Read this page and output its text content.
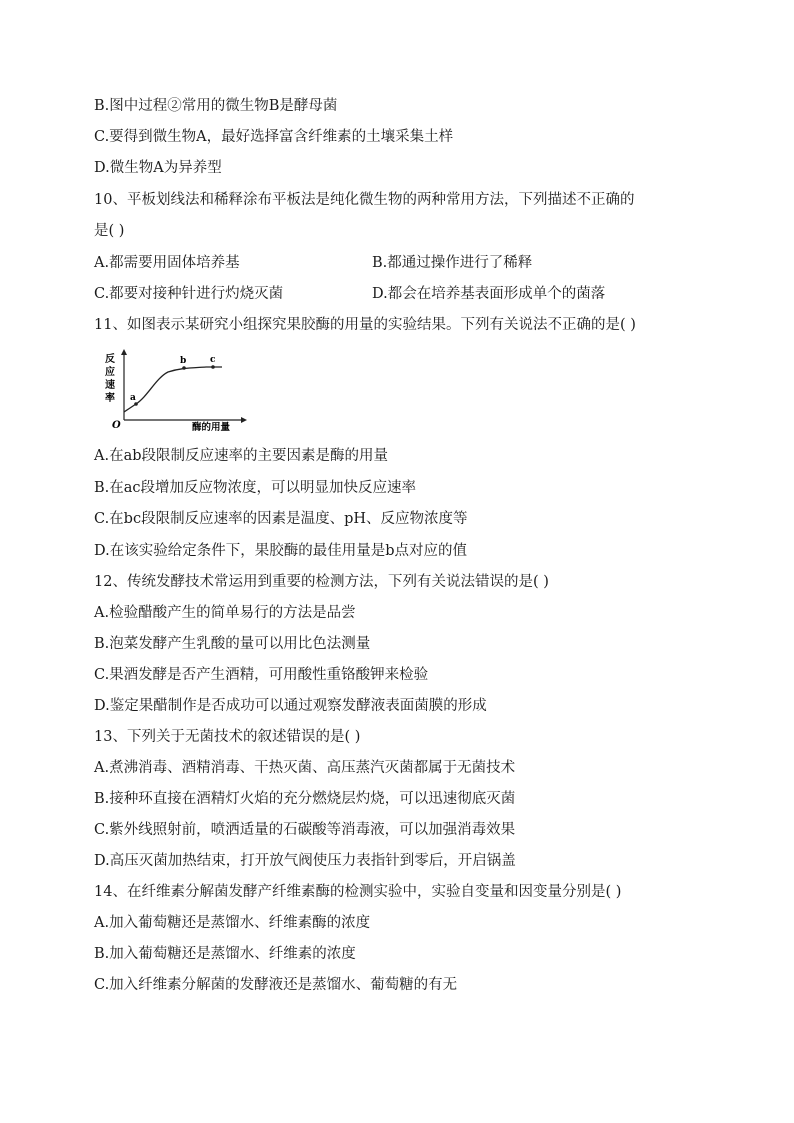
B.图中过程②常用的微生物B是酵母菌
C.要得到微生物A，最好选择富含纤维素的土壤采集土样
D.微生物A为异养型
10、平板划线法和稀释涂布平板法是纯化微生物的两种常用方法，下列描述不正确的
是( )
A.都需要用固体培养基	B.都通过操作进行了稀释
C.都要对接种针进行灼烧灭菌	D.都会在培养基表面形成单个的菌落
11、如图表示某研究小组探究果胶酶的用量的实验结果。下列有关说法不正确的是( )
反
应
速
率
O	酶的用量
a
b	c
A.在ab段限制反应速率的主要因素是酶的用量
B.在ac段增加反应物浓度，可以明显加快反应速率
C.在bc段限制反应速率的因素是温度、pH、反应物浓度等
D.在该实验给定条件下，果胶酶的最佳用量是b点对应的值
12、传统发酵技术常运用到重要的检测方法，下列有关说法错误的是( )
A.检验醋酸产生的简单易行的方法是品尝
B.泡菜发酵产生乳酸的量可以用比色法测量
C.果酒发酵是否产生酒精，可用酸性重铬酸钾来检验
D.鉴定果醋制作是否成功可以通过观察发酵液表面菌膜的形成
13、下列关于无菌技术的叙述错误的是( )
A.煮沸消毒、酒精消毒、干热灭菌、高压蒸汽灭菌都属于无菌技术
B.接种环直接在酒精灯火焰的充分燃烧层灼烧，可以迅速彻底灭菌
C.紫外线照射前，喷洒适量的石碳酸等消毒液，可以加强消毒效果
D.高压灭菌加热结束，打开放气阀使压力表指针到零后，开启锅盖
14、在纤维素分解菌发酵产纤维素酶的检测实验中，实验自变量和因变量分别是( )
A.加入葡萄糖还是蒸馏水、纤维素酶的浓度
B.加入葡萄糖还是蒸馏水、纤维素的浓度
C.加入纤维素分解菌的发酵液还是蒸馏水、葡萄糖的有无
